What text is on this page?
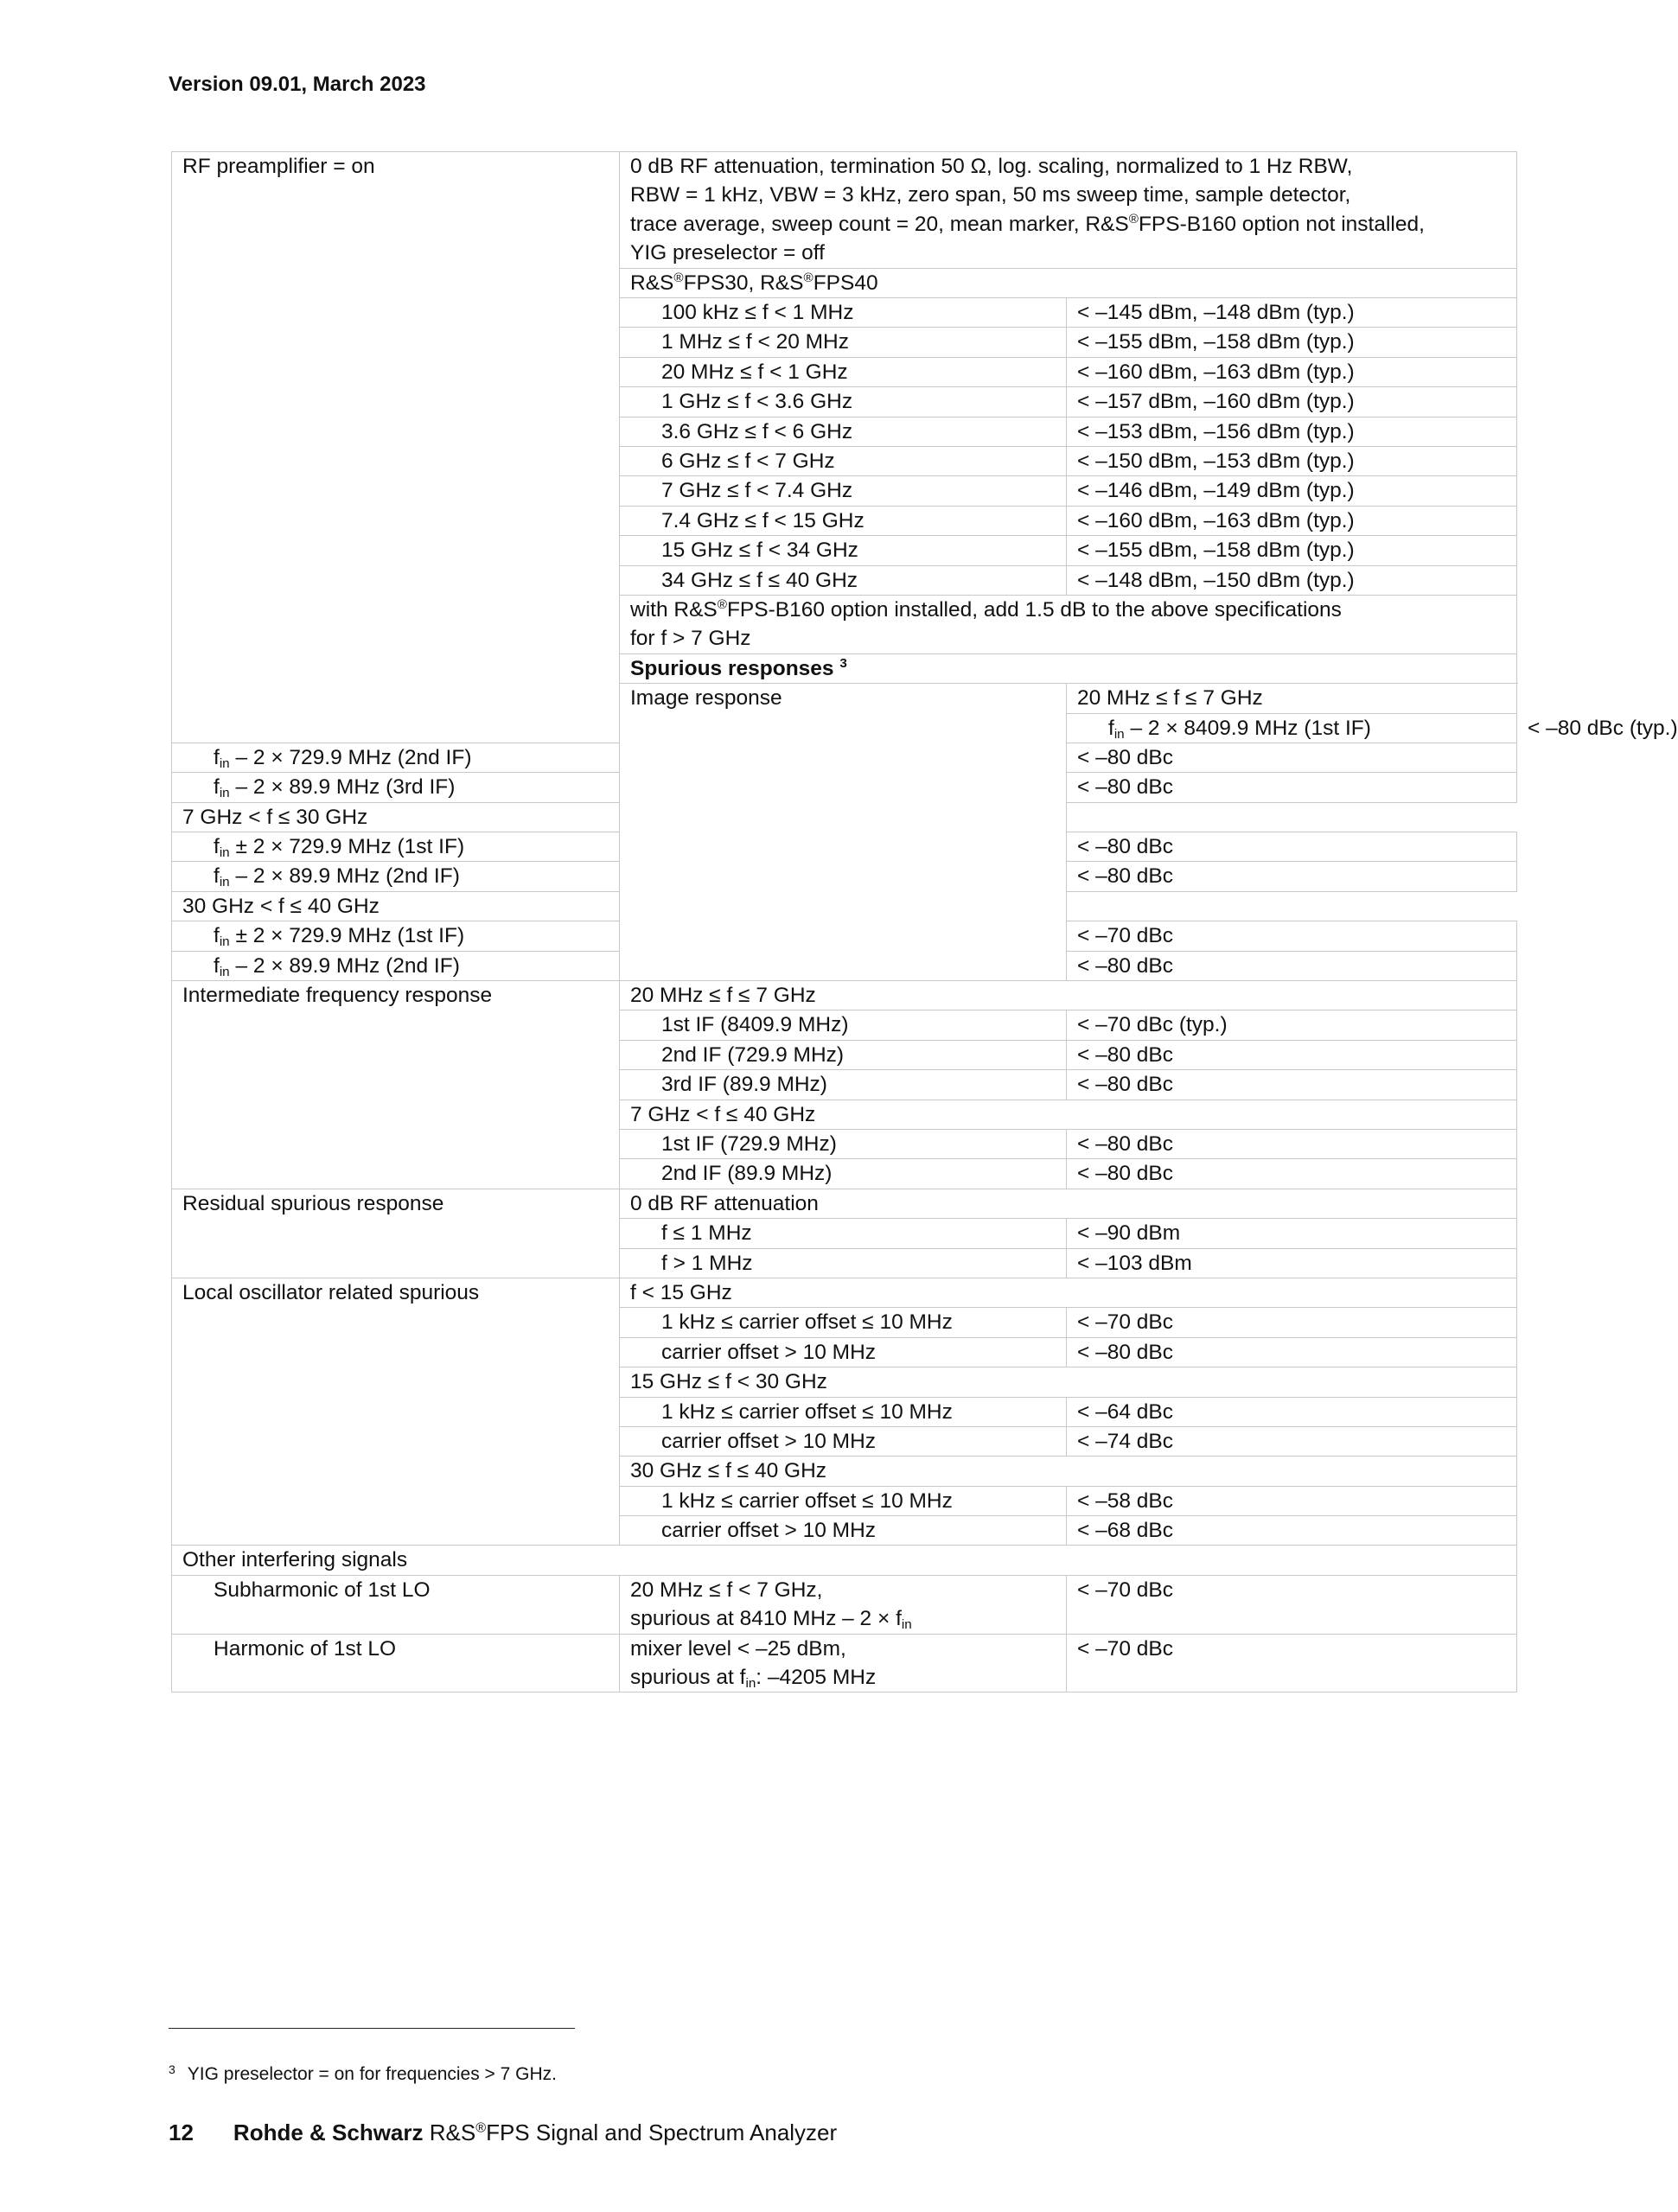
Version 09.01, March 2023
RF preamplifier = on	0 dB RF attenuation, termination 50 Ω, log. scaling, normalized to 1 Hz RBW,
RBW = 1 kHz, VBW = 3 kHz, zero span, 50 ms sweep time, sample detector,
trace average, sweep count = 20, mean marker, R&S®FPS-B160 option not installed,
YIG preselector = off		
	R&S®FPS30, R&S®FPS40		
	100 kHz ≤ f < 1 MHz	< –145 dBm, –148 dBm (typ.)	
	1 MHz ≤ f < 20 MHz	< –155 dBm, –158 dBm (typ.)	
	20 MHz ≤ f < 1 GHz	< –160 dBm, –163 dBm (typ.)	
	1 GHz ≤ f < 3.6 GHz	< –157 dBm, –160 dBm (typ.)	
	3.6 GHz ≤ f < 6 GHz	< –153 dBm, –156 dBm (typ.)	
	6 GHz ≤ f < 7 GHz	< –150 dBm, –153 dBm (typ.)	
	7 GHz ≤ f < 7.4 GHz	< –146 dBm, –149 dBm (typ.)	
	7.4 GHz ≤ f < 15 GHz	< –160 dBm, –163 dBm (typ.)	
	15 GHz ≤ f < 34 GHz	< –155 dBm, –158 dBm (typ.)	
	34 GHz ≤ f ≤ 40 GHz	< –148 dBm, –150 dBm (typ.)	
	with R&S®FPS-B160 option installed, add 1.5 dB to the above specifications
for f > 7 GHz		
	Spurious responses $^3$
	Image response	20 MHz ≤ f ≤ 7 GHz	
		$f_{in} - 2 \times 8409.9$ MHz (1st IF)	< –80 dBc (typ.)
$f_{in} - 2 \times 729.9$ MHz (2nd IF)		< –80 dBc	
$f_{in} - 2 \times 89.9$ MHz (3rd IF)		< –80 dBc	
7 GHz < f ≤ 30 GHz			
$f_{in} \pm 2 \times 729.9$ MHz (1st IF)		< –80 dBc	
$f_{in} - 2 \times 89.9$ MHz (2nd IF)		< –80 dBc	
30 GHz < f ≤ 40 GHz			
$f_{in} \pm 2 \times 729.9$ MHz (1st IF)		< –70 dBc	
$f_{in} - 2 \times 89.9$ MHz (2nd IF)		< –80 dBc	
Intermediate frequency response	20 MHz ≤ f ≤ 7 GHz		
	1st IF (8409.9 MHz)	< –70 dBc (typ.)	
	2nd IF (729.9 MHz)	< –80 dBc	
	3rd IF (89.9 MHz)	< –80 dBc	
	7 GHz < f ≤ 40 GHz		
	1st IF (729.9 MHz)	< –80 dBc	
	2nd IF (89.9 MHz)	< –80 dBc	
Residual spurious response	0 dB RF attenuation		
	f ≤ 1 MHz	< –90 dBm	
	f > 1 MHz	< –103 dBm	
Local oscillator related spurious	f < 15 GHz		
	1 kHz ≤ carrier offset ≤ 10 MHz	< –70 dBc	
	carrier offset > 10 MHz	< –80 dBc	
	15 GHz ≤ f < 30 GHz		
	1 kHz ≤ carrier offset ≤ 10 MHz	< –64 dBc	
	carrier offset > 10 MHz	< –74 dBc	
	30 GHz ≤ f ≤ 40 GHz		
	1 kHz ≤ carrier offset ≤ 10 MHz	< –58 dBc	
	carrier offset > 10 MHz	< –68 dBc	
Other interfering signals			
Subharmonic of 1st LO	20 MHz ≤ f < 7 GHz,
spurious at 8410 MHz – $2 \times f_{in}$	< –70 dBc	
Harmonic of 1st LO	mixer level < –25 dBm,
spurious at $f_{in}$: –4205 MHz	< –70 dBc	
$^3$ YIG preselector = on for frequencies > 7 GHz.
12 Rohde & Schwarz R&S®FPS Signal and Spectrum Analyzer
